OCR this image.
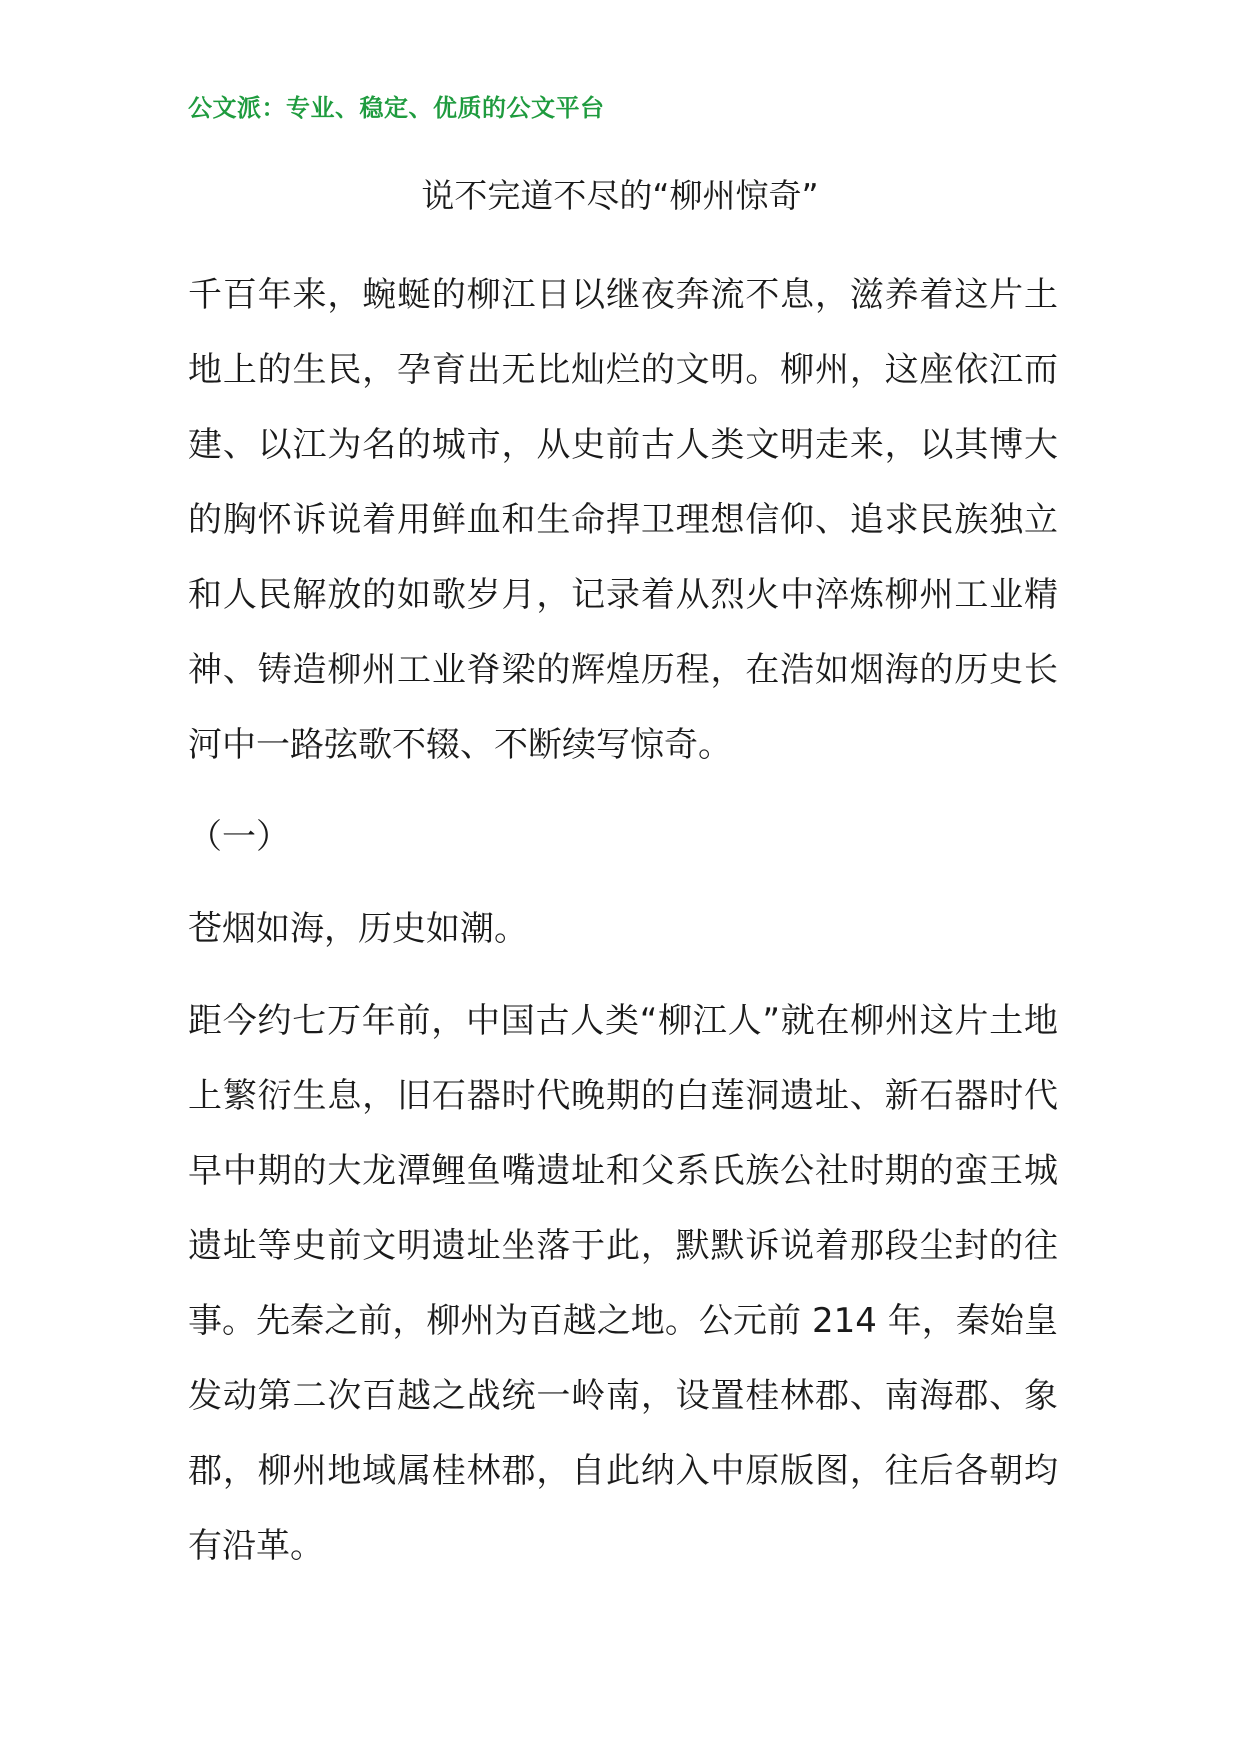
公文派：专业、稳定、优质的公文平台
说不完道不尽的“柳州惊奇”

千百年来，蜿蜒的柳江日以继夜奔流不息，滋养着这片土地上的生民，孕育出无比灿烂的文明。柳州，这座依江而建、以江为名的城市，从史前古人类文明走来，以其博大的胸怀诉说着用鲜血和生命捍卫理想信仰、追求民族独立和人民解放的如歌岁月，记录着从烈火中淬炼柳州工业精神、铸造柳州工业脊梁的辉煌历程，在浩如烟海的历史长河中一路弦歌不辍、不断续写惊奇。

（一）

苍烟如海，历史如潮。

距今约七万年前，中国古人类“柳江人”就在柳州这片土地上繁衍生息，旧石器时代晚期的白莲洞遗址、新石器时代早中期的大龙潭鲤鱼嘴遗址和父系氏族公社时期的蛮王城遗址等史前文明遗址坐落于此，默默诉说着那段尘封的往事。先秦之前，柳州为百越之地。公元前 214 年，秦始皇发动第二次百越之战统一岭南，设置桂林郡、南海郡、象郡，柳州地域属桂林郡，自此纳入中原版图，往后各朝均有沿革。
